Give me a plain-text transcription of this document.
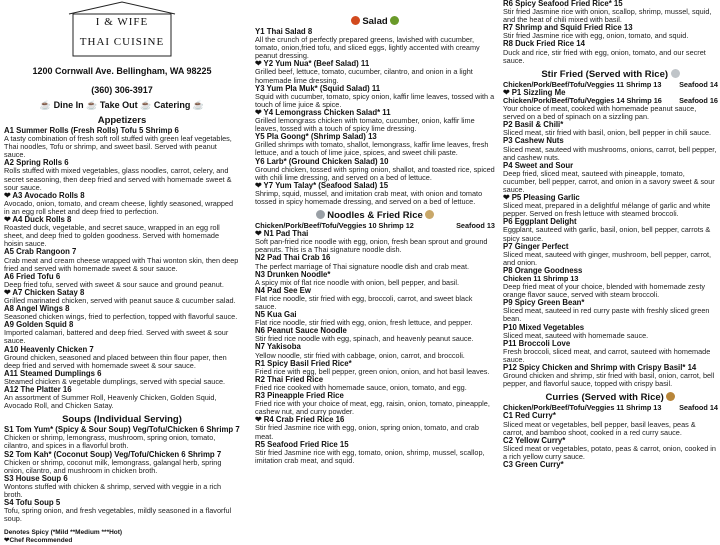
I & WIFE
THAI CUISINE
1200 Cornwall Ave. Bellingham, WA 98225
(360) 306-3917
☕ Dine In ☕ Take Out ☕ Catering ☕
Appetizers
A1 Summer Rolls (Fresh Rolls) Tofu 5 Shrimp 6
A tasty combination of fresh soft roll stuffed with green leaf vegetables, Thai noodles, Tofu or shrimp, and sweet basil. Served with peanut sauce.
A2 Spring Rolls 6
Rolls stuffed with mixed vegetables, glass noodles, carrot, celery, and secret seasoning, then deep fried and served with homemade sweet & sour sauce.
❤ A3 Avocado Rolls 8
Avocado, onion, tomato, and cream cheese, lightly seasoned, wrapped in an egg roll sheet and deep fried to perfection.
❤ A4 Duck Rolls 8
Roasted duck, vegetable, and secret sauce, wrapped in an egg roll sheet, and deep fried to golden goodness. Served with homemade hoisin sauce.
A5 Crab Rangoon 7
Crab meat and cream cheese wrapped with Thai wonton skin, then deep fried and served with homemade sweet & sour sauce.
A6 Fried Tofu 6
Deep fried tofu, served with sweet & sour sauce and ground peanut.
❤ A7 Chicken Satay 8
Grilled marinated chicken, served with peanut sauce & cucumber salad.
A8 Angel Wings 8
Seasoned chicken wings, fried to perfection, topped with flavorful sauce.
A9 Golden Squid 8
Imported calamari, battered and deep fried. Served with sweet & sour sauce.
A10 Heavenly Chicken 7
Ground chicken, seasoned and placed between thin flour paper, then deep fried and served with homemade sweet & sour sauce.
A11 Steamed Dumplings 6
Steamed chicken & vegetable dumplings, served with special sauce.
A12 The Platter 16
An assortment of Summer Roll, Heavenly Chicken, Golden Squid, Avocado Roll, and Chicken Satay.
Soups (Individual Serving)
S1 Tom Yum* (Spicy & Sour Soup) Veg/Tofu/Chicken 6 Shrimp 7
Chicken or shrimp, lemongrass, mushroom, spring onion, tomato, cilantro, and spices in a flavorful broth.
S2 Tom Kah* (Coconut Soup) Veg/Tofu/Chicken 6 Shrimp 7
Chicken or shrimp, coconut milk, lemongrass, galangal herb, spring onion, cilantro, and mushroom in chicken broth.
S3 House Soup 6
Wontons stuffed with chicken & shrimp, served with veggie in a rich broth.
S4 Tofu Soup 5
Tofu, spring onion, and fresh vegetables, mildly seasoned in a flavorful soup.
Denotes Spicy (*Mild **Medium ***Hot)
❤Chef Recommended
Salad
Y1 Thai Salad 8
All the crunch of perfectly prepared greens, lavished with cucumber, tomato, onion,fried tofu, and sliced eggs, lightly accented with creamy peanut dressing.
❤ Y2 Yum Nua* (Beef Salad) 11
Grilled beef, lettuce, tomato, cucumber, cilantro, and onion in a light homemade lime dressing.
Y3 Yum Pla Muk* (Squid Salad) 11
Squid with cucumber, tomato, spicy onion, kaffir lime leaves, tossed with a touch of lime juice & spice.
❤ Y4 Lemongrass Chicken Salad* 11
Grilled lemongrass chicken with tomato, cucumber, onion, kaffir lime leaves, tossed with a touch of spicy lime dressing.
Y5 Pla Goong* (Shrimp Salad) 13
Grilled shrimps with tomato, shallot, lemongrass, kaffir lime leaves, fresh lettuce, and a touch of lime juice, spices, and sweet chili paste.
Y6 Larb* (Ground Chicken Salad) 10
Ground chicken, tossed with spring onion, shallot, and toasted rice, spiced with chili lime dressing, and served on a bed of lettuce.
❤ Y7 Yum Talay* (Seafood Salad) 15
Shrimp, squid, mussel, and imitation crab meat, with onion and tomato tossed in spicy homemade dressing, and served on a bed of lettuce.
Noodles & Fried Rice
Chicken/Pork/Beef/Tofu/Veggies 10 Shrimp 12	Seafood 13
❤ N1 Pad Thai
Soft pan-fried rice noodle with egg, onion, fresh bean sprout and ground peanuts. This is a Thai signature noodle dish.
N2 Pad Thai Crab 16
The perfect marriage of Thai signature noodle dish and crab meat.
N3 Drunken Noodle*
A spicy mix of flat rice noodle with onion, bell pepper, and basil.
N4 Pad See Ew
Flat rice noodle, stir fried with egg, broccoli, carrot, and sweet black sauce.
N5 Kua Gai
Flat rice noodle, stir fried with egg, onion, fresh lettuce, and pepper.
N6 Peanut Sauce Noodle
Stir fried rice noodle with egg, spinach, and heavenly peanut sauce.
N7 Yakisoba
Yellow noodle, stir fried with cabbage, onion, carrot, and broccoli.
R1 Spicy Basil Fried Rice*
Fried rice with egg, bell pepper, green onion, onion, and hot basil leaves.
R2 Thai Fried Rice
Fried rice cooked with homemade sauce, onion, tomato, and egg.
R3 Pineapple Fried Rice
Fried rice with your choice of meat, egg, raisin, onion, tomato, pineapple, cashew nut, and curry powder.
❤ R4 Crab Fried Rice 16
Stir fried Jasmine rice with egg, onion, spring onion, tomato, and crab meat.
R5 Seafood Fried Rice 15
Stir fried Jasmine rice with egg, tomato, onion, shrimp, mussel, scallop, imitation crab meat, and squid.
R6 Spicy Seafood Fried Rice* 15
Stir fried Jasmine rice with onion, scallop, shrimp, mussel, squid, and the heat of chili mixed with basil.
R7 Shrimp and Squid Fried Rice 13
Stir fried Jasmine rice with egg, onion, tomato, and squid.
R8 Duck Fried Rice 14
Duck and rice, stir fried with egg, onion, tomato, and our secret sauce.
Stir Fried (Served with Rice)
Chicken/Pork/Beef/Tofu/Veggies 11 Shrimp 13 Seafood 14
❤ P1 Sizzling Me
Chicken/Pork/Beef/Tofu/Veggies 14 Shrimp 16 Seafood 16
Your choice of meat, cooked with homemade peanut sauce, served on a bed of spinach on a sizzling pan.
P2 Basil & Chili*
Sliced meat, stir fried with basil, onion, bell pepper in chili sauce.
P3 Cashew Nuts
Sliced meat, sauteed with mushrooms, onions, carrot, bell pepper, and cashew nuts.
P4 Sweet and Sour
Deep fried, sliced meat, sauteed with pineapple, tomato, cucumber, bell pepper, carrot, and onion in a savory sweet & sour sauce.
❤ P5 Pleasing Garlic
Sliced meat, prepared in a delightful mélange of garlic and white pepper. Served on fresh lettuce with steamed broccoli.
P6 Eggplant Delight
Eggplant, sauteed with garlic, basil, onion, bell pepper, carrots & spicy sauce.
P7 Ginger Perfect
Sliced meat, sauteed with ginger, mushroom, bell pepper, carrot, and onion.
P8 Orange Goodness
Chicken 11 Shrimp 13
Deep fried meat of your choice, blended with homemade zesty orange flavor sauce, served with steam broccoli.
P9 Spicy Green Bean*
Sliced meat, sauteed in red curry paste with freshly sliced green bean.
P10 Mixed Vegetables
Sliced meat, sauteed with homemade sauce.
P11 Broccoli Love
Fresh broccoli, sliced meat, and carrot, sauteed with homemade sauce.
P12 Spicy Chicken and Shrimp with Crispy Basil* 14
Ground chicken and shrimp, stir fried with basil, onion, carrot, bell pepper, and flavorful sauce, topped with crispy basil.
Curries (Served with Rice)
Chicken/Pork/Beef/Tofu/Veggies 11 Shrimp 13 Seafood 14
C1 Red Curry*
Sliced meat or vegetables, bell pepper, basil leaves, peas & carrot, and bamboo shoot, cooked in a red curry sauce.
C2 Yellow Curry*
Sliced meat or vegetables, potato, peas & carrot, onion, cooked in a rich yellow curry sauce.
C3 Green Curry*
